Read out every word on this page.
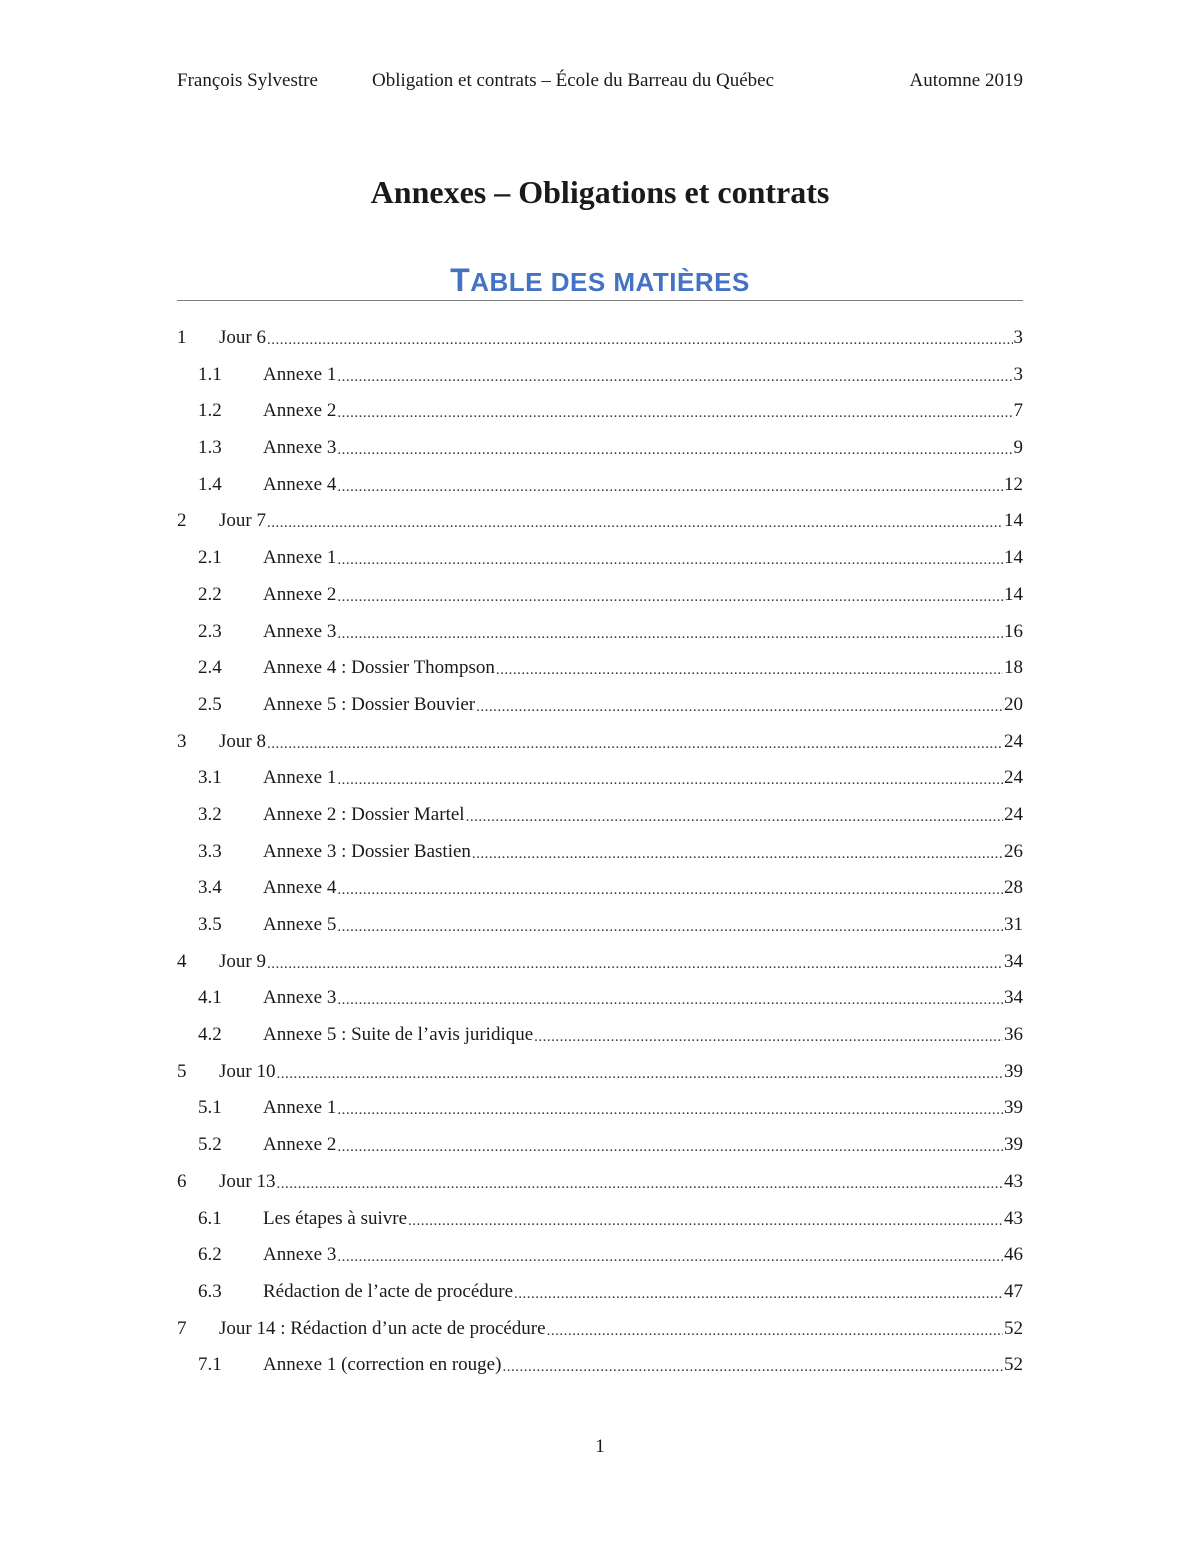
François Sylvestre	Obligation et contrats – École du Barreau du Québec	Automne 2019
Annexes – Obligations et contrats
TABLE DES MATIÈRES
1 Jour 6 .....	3
1.1 Annexe 1 .....	3
1.2 Annexe 2 .....	7
1.3 Annexe 3 .....	9
1.4 Annexe 4 .....	12
2 Jour 7 .....	14
2.1 Annexe 1 .....	14
2.2 Annexe 2 .....	14
2.3 Annexe 3 .....	16
2.4 Annexe 4 : Dossier Thompson .....	18
2.5 Annexe 5 : Dossier Bouvier .....	20
3 Jour 8 .....	24
3.1 Annexe 1 .....	24
3.2 Annexe 2 : Dossier Martel .....	24
3.3 Annexe 3 : Dossier Bastien .....	26
3.4 Annexe 4 .....	28
3.5 Annexe 5 .....	31
4 Jour 9 .....	34
4.1 Annexe 3 .....	34
4.2 Annexe 5 : Suite de l’avis juridique .....	36
5 Jour 10 .....	39
5.1 Annexe 1 .....	39
5.2 Annexe 2 .....	39
6 Jour 13 .....	43
6.1 Les étapes à suivre .....	43
6.2 Annexe 3 .....	46
6.3 Rédaction de l’acte de procédure .....	47
7 Jour 14 : Rédaction d’un acte de procédure .....	52
7.1 Annexe 1 (correction en rouge) .....	52
1
